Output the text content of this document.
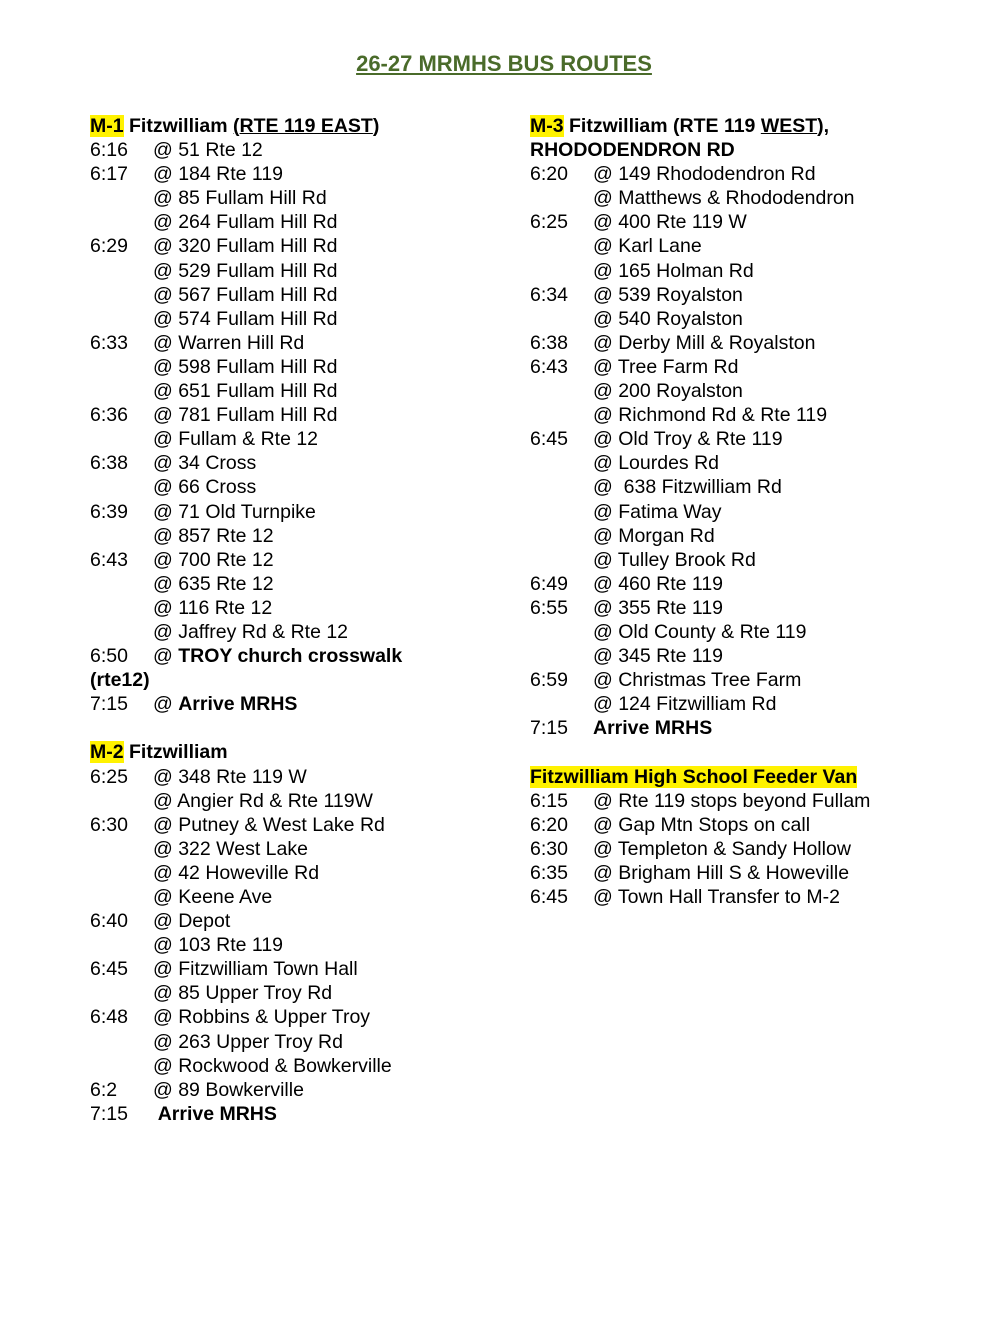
26-27 MRMHS BUS ROUTES
M-1 Fitzwilliam (RTE 119 EAST)
6:16	@ 51 Rte 12
6:17	@ 184 Rte 119
@ 85 Fullam Hill Rd
@ 264 Fullam Hill Rd
6:29	@ 320 Fullam Hill Rd
@ 529 Fullam Hill Rd
@ 567 Fullam Hill Rd
@ 574 Fullam Hill Rd
6:33	@ Warren Hill Rd
@ 598 Fullam Hill Rd
@ 651 Fullam Hill Rd
6:36	@ 781 Fullam Hill Rd
@ Fullam & Rte 12
6:38	@ 34 Cross
@ 66 Cross
6:39	@ 71 Old Turnpike
@ 857 Rte 12
6:43	@ 700 Rte 12
@ 635 Rte 12
@ 116 Rte 12
@ Jaffrey Rd & Rte 12
6:50	@ TROY church crosswalk
(rte12)
7:15	@ Arrive MRHS
M-2 Fitzwilliam
6:25	@ 348 Rte 119 W
@ Angier Rd & Rte 119W
6:30	@ Putney & West Lake Rd
@ 322 West Lake
@ 42 Howeville Rd
@ Keene Ave
6:40	@ Depot
@ 103 Rte 119
6:45	@ Fitzwilliam Town Hall
@ 85 Upper Troy Rd
6:48	@ Robbins & Upper Troy
@ 263 Upper Troy Rd
@ Rockwood & Bowkerville
6:2	@ 89 Bowkerville
7:15	Arrive MRHS
M-3 Fitzwilliam (RTE 119 WEST),
RHODODENDRON RD
6:20	@ 149 Rhododendron Rd
@ Matthews & Rhododendron
6:25	@ 400 Rte 119 W
@ Karl Lane
@ 165 Holman Rd
6:34	@ 539 Royalston
@ 540 Royalston
6:38	@ Derby Mill & Royalston
6:43	@ Tree Farm Rd
@ 200 Royalston
@ Richmond Rd & Rte 119
6:45	@ Old Troy & Rte 119
@ Lourdes Rd
@  638 Fitzwilliam Rd
@ Fatima Way
@ Morgan Rd
@ Tulley Brook Rd
6:49	@ 460 Rte 119
6:55	@ 355 Rte 119
@ Old County & Rte 119
@ 345 Rte 119
6:59	@ Christmas Tree Farm
@ 124 Fitzwilliam Rd
7:15	Arrive MRHS
Fitzwilliam High School Feeder Van
6:15	@ Rte 119 stops beyond Fullam
6:20	@ Gap Mtn Stops on call
6:30	@ Templeton & Sandy Hollow
6:35	@ Brigham Hill S & Howeville
6:45	@ Town Hall Transfer to M-2
